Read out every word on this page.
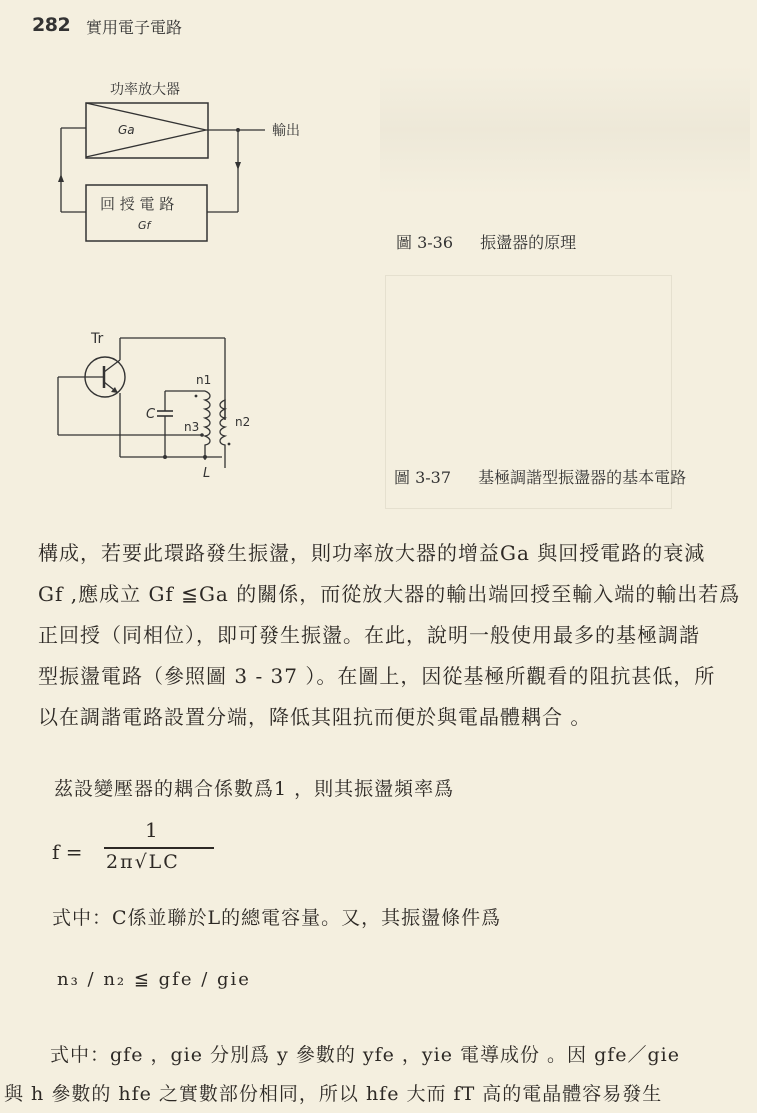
282 實用電子電路
功率放大器
Ga	輸出
回 授 電 路
Gf
圖 3-36 振盪器的原理
Tr
C
n1
n2
n3
L	圖 3-37 基極調諧型振盪器的基本電路
構成，若要此環路發生振盪，則功率放大器的增益Ga 與回授電路的衰減
Gf ,應成立 Gf ≦Ga 的關係，而從放大器的輸出端回授至輸入端的輸出若爲
正回授（同相位），即可發生振盪。在此，說明一般使用最多的基極調諧
型振盪電路（參照圖 3 - 37 ）。在圖上，因從基極所觀看的阻抗甚低，所
以在調諧電路設置分端，降低其阻抗而便於與電晶體耦合 。
茲設變壓器的耦合係數爲1 ，則其振盪頻率爲
f =
1
2π√LC
式中：C係並聯於L的總電容量。又，其振盪條件爲
n₃ / n₂ ≦ gfe / gie
式中：gfe ，gie 分別爲 y 參數的 yfe ，yie 電導成份 。因 gfe／gie
與 h 參數的 hfe 之實數部份相同，所以 hfe 大而 fT 高的電晶體容易發生
